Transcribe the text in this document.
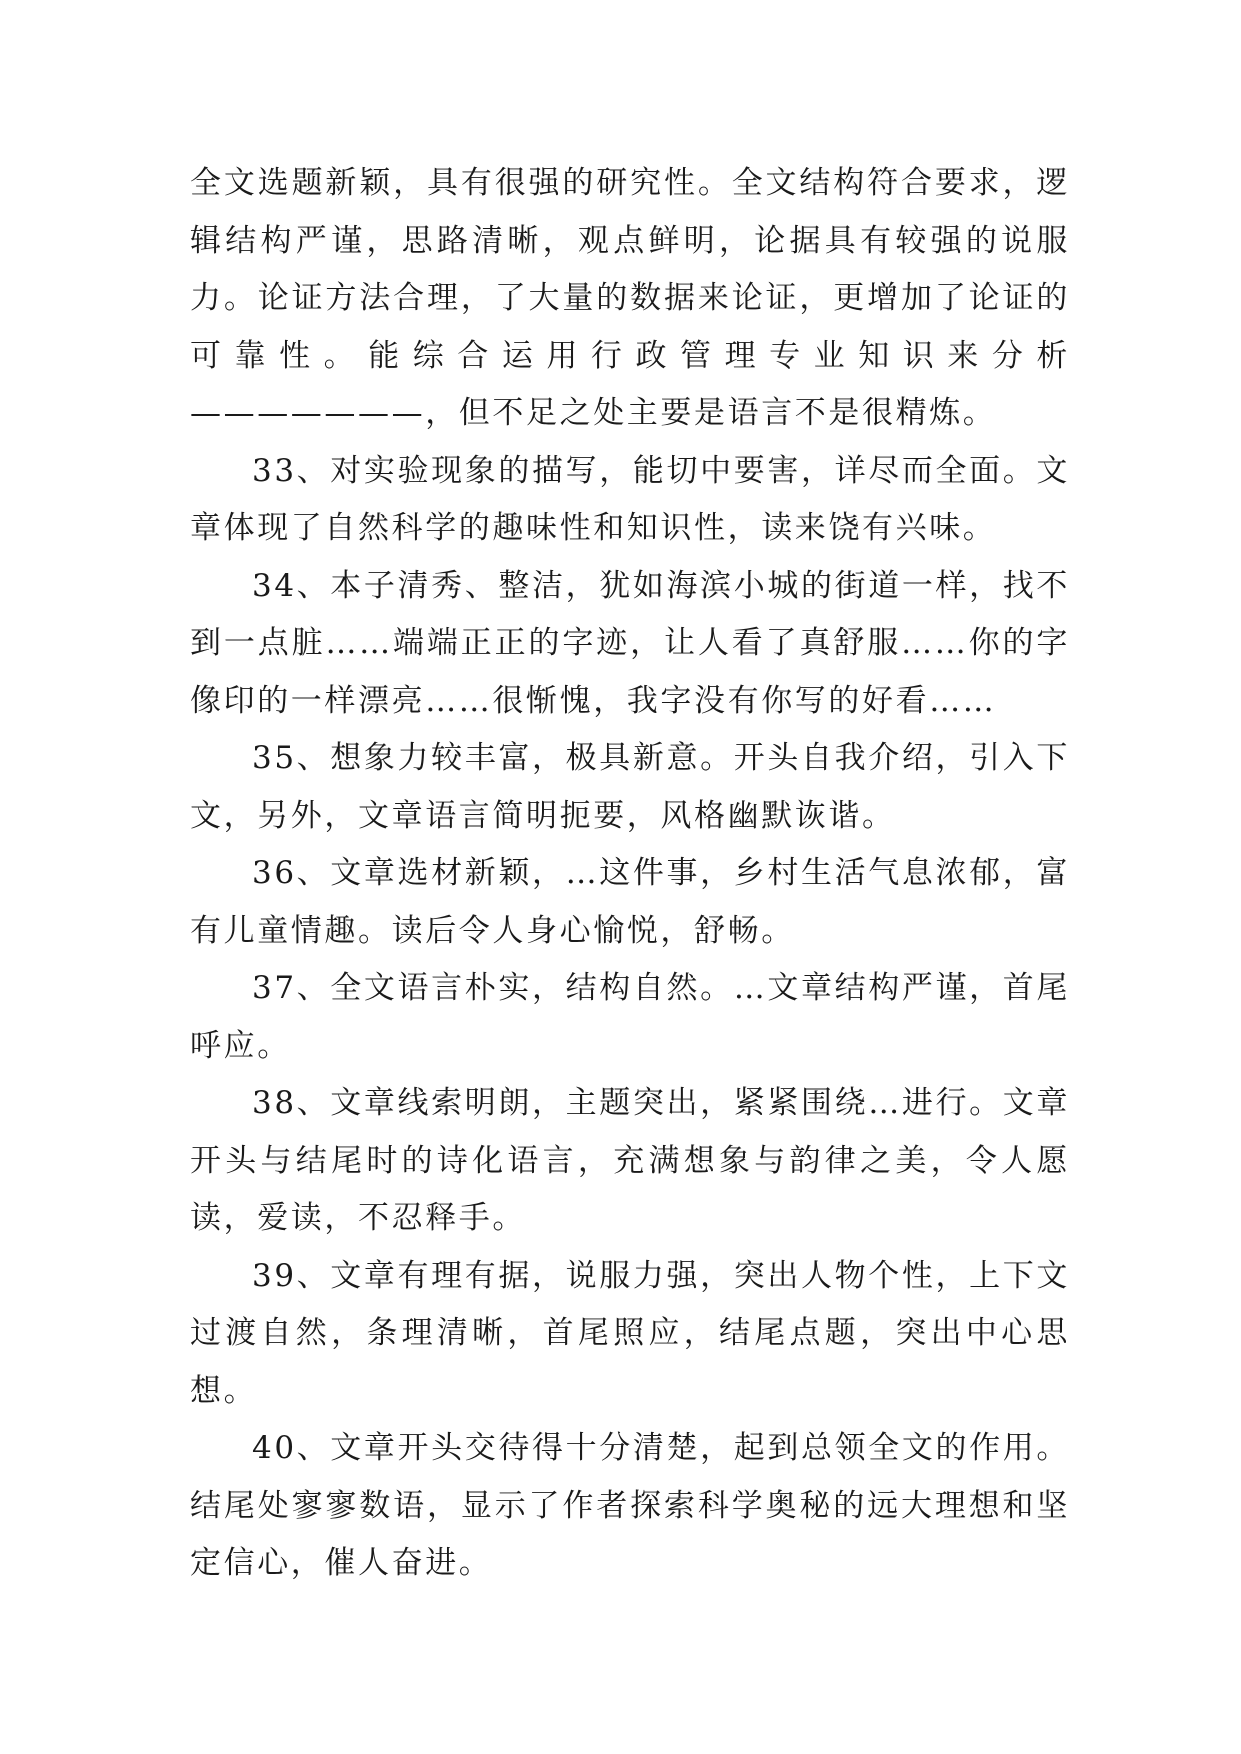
全文选题新颖，具有很强的研究性。全文结构符合要求，逻辑结构严谨，思路清晰，观点鲜明，论据具有较强的说服力。论证方法合理，了大量的数据来论证，更增加了论证的可靠性。能综合运用行政管理专业知识来分析———————，但不足之处主要是语言不是很精炼。

33、对实验现象的描写，能切中要害，详尽而全面。文章体现了自然科学的趣味性和知识性，读来饶有兴味。

34、本子清秀、整洁，犹如海滨小城的街道一样，找不到一点脏……端端正正的字迹，让人看了真舒服……你的字像印的一样漂亮……很惭愧，我字没有你写的好看……

35、想象力较丰富，极具新意。开头自我介绍，引入下文，另外，文章语言简明扼要，风格幽默诙谐。

36、文章选材新颖，…这件事，乡村生活气息浓郁，富有儿童情趣。读后令人身心愉悦，舒畅。

37、全文语言朴实，结构自然。…文章结构严谨，首尾呼应。

38、文章线索明朗，主题突出，紧紧围绕…进行。文章开头与结尾时的诗化语言，充满想象与韵律之美，令人愿读，爱读，不忍释手。

39、文章有理有据，说服力强，突出人物个性，上下文过渡自然，条理清晰，首尾照应，结尾点题，突出中心思想。

40、文章开头交待得十分清楚，起到总领全文的作用。结尾处寥寥数语，显示了作者探索科学奥秘的远大理想和坚定信心，催人奋进。
